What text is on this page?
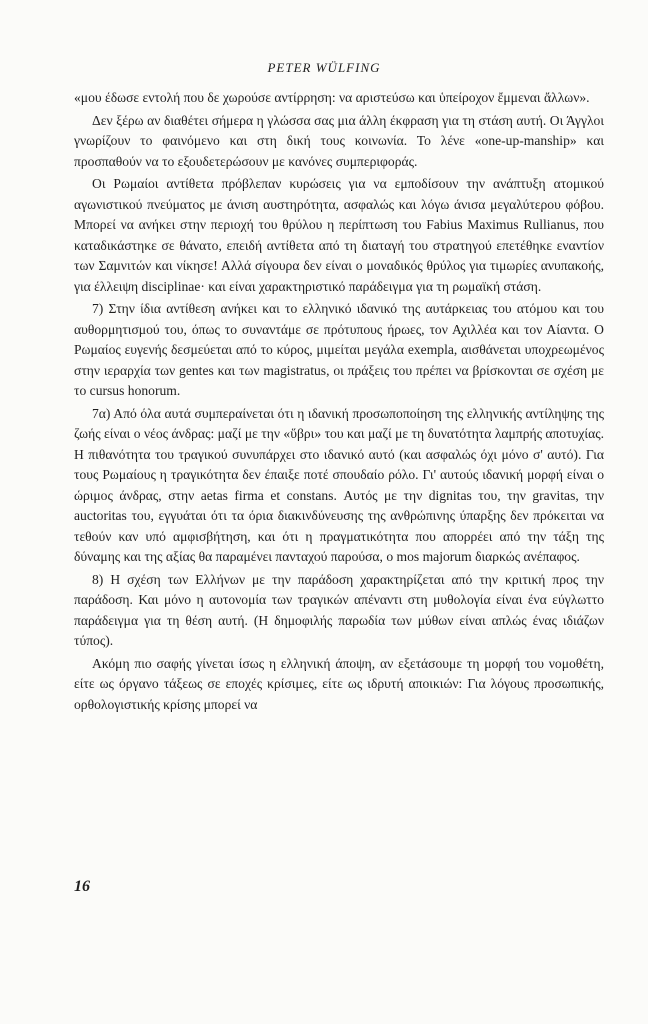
PETER WÜLFING

«μου έδωσε εντολή που δε χωρούσε αντίρρηση: να αριστεύσω και ὑπείροχον ἔμμεναι ἄλλων».

Δεν ξέρω αν διαθέτει σήμερα η γλώσσα σας μια άλλη έκφραση για τη στάση αυτή. Οι Άγγλοι γνωρίζουν το φαινόμενο και στη δική τους κοινωνία. Το λένε «one-up-manship» και προσπαθούν να το εξουδετερώσουν με κανόνες συμπεριφοράς.

Οι Ρωμαίοι αντίθετα πρόβλεπαν κυρώσεις για να εμποδίσουν την ανάπτυξη ατομικού αγωνιστικού πνεύματος με άνιση αυστηρότητα, ασφαλώς και λόγω άνισα μεγαλύτερου φόβου. Μπορεί να ανήκει στην περιοχή του θρύλου η περίπτωση του Fabius Maximus Rullianus, που καταδικάστηκε σε θάνατο, επειδή αντίθετα από τη διαταγή του στρατηγού επετέθηκε εναντίον των Σαμνιτών και νίκησε! Αλλά σίγουρα δεν είναι ο μοναδικός θρύλος για τιμωρίες ανυπακοής, για έλλειψη disciplinae· και είναι χαρακτηριστικό παράδειγμα για τη ρωμαϊκή στάση.

7) Στην ίδια αντίθεση ανήκει και το ελληνικό ιδανικό της αυτάρκειας του ατόμου και του αυθορμητισμού του, όπως το συναντάμε σε πρότυπους ήρωες, τον Αχιλλέα και τον Αίαντα. Ο Ρωμαίος ευγενής δεσμεύεται από το κύρος, μιμείται μεγάλα exempla, αισθάνεται υποχρεωμένος στην ιεραρχία των gentes και των magistratus, οι πράξεις του πρέπει να βρίσκονται σε σχέση με το cursus honorum.

7α) Από όλα αυτά συμπεραίνεται ότι η ιδανική προσωποποίηση της ελληνικής αντίληψης της ζωής είναι ο νέος άνδρας: μαζί με την «ὕβρι» του και μαζί με τη δυνατότητα λαμπρής αποτυχίας. Η πιθανότητα του τραγικού συνυπάρχει στο ιδανικό αυτό (και ασφαλώς όχι μόνο σ' αυτό). Για τους Ρωμαίους η τραγικότητα δεν έπαιξε ποτέ σπουδαίο ρόλο. Γι' αυτούς ιδανική μορφή είναι ο ώριμος άνδρας, στην aetas firma et constans. Αυτός με την dignitas του, την gravitas, την auctoritas του, εγγυάται ότι τα όρια διακινδύνευσης της ανθρώπινης ύπαρξης δεν πρόκειται να τεθούν καν υπό αμφισβήτηση, και ότι η πραγματικότητα που απορρέει από την τάξη της δύναμης και της αξίας θα παραμένει πανταχού παρούσα, ο mos majorum διαρκώς ανέπαφος.

8) Η σχέση των Ελλήνων με την παράδοση χαρακτηρίζεται από την κριτική προς την παράδοση. Και μόνο η αυτονομία των τραγικών απέναντι στη μυθολογία είναι ένα εύγλωττο παράδειγμα για τη θέση αυτή. (Η δημοφιλής παρωδία των μύθων είναι απλώς ένας ιδιάζων τύπος).

Ακόμη πιο σαφής γίνεται ίσως η ελληνική άποψη, αν εξετάσουμε τη μορφή του νομοθέτη, είτε ως όργανο τάξεως σε εποχές κρίσιμες, είτε ως ιδρυτή αποικιών: Για λόγους προσωπικής, ορθολογιστικής κρίσης μπορεί να

16
